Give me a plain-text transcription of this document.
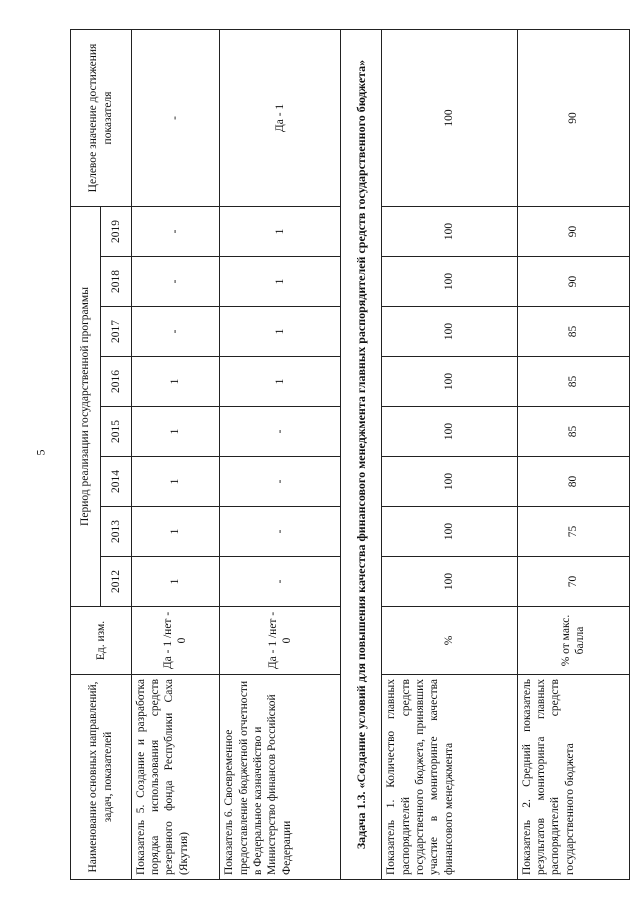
5
Наименование основных направлений, задач, показателей	Ед. изм.	Период реализации государственной программы								Целевое значение достижения показателя
		2012	2013	2014	2015	2016	2017	2018	2019	
Показатель 5. Создание и разработка порядка использования средств резервного фонда Республики Саха (Якутия)	Да - 1 /нет - 0	1	1	1	1	1	-	-	-	-
Показатель 6. Своевременное предоставление бюджетной отчетности в Федеральное казначейство и Министерство финансов Российской Федерации	Да - 1 /нет - 0	-	-	-	-	1	1	1	1	Да - 1
Задача 1.3. «Создание условий для повышения качества финансового менеджмента главных распорядителей средств государственного бюджета»										
Показатель 1. Количество главных распорядителей средств государственного бюджета, принявших участие в мониторинге качества финансового менеджмента	%	100	100	100	100	100	100	100	100	100
Показатель 2. Средний показатель результатов мониторинга главных распорядителей средств государственного бюджета	% от макс. балла	70	75	80	85	85	85	90	90	90
